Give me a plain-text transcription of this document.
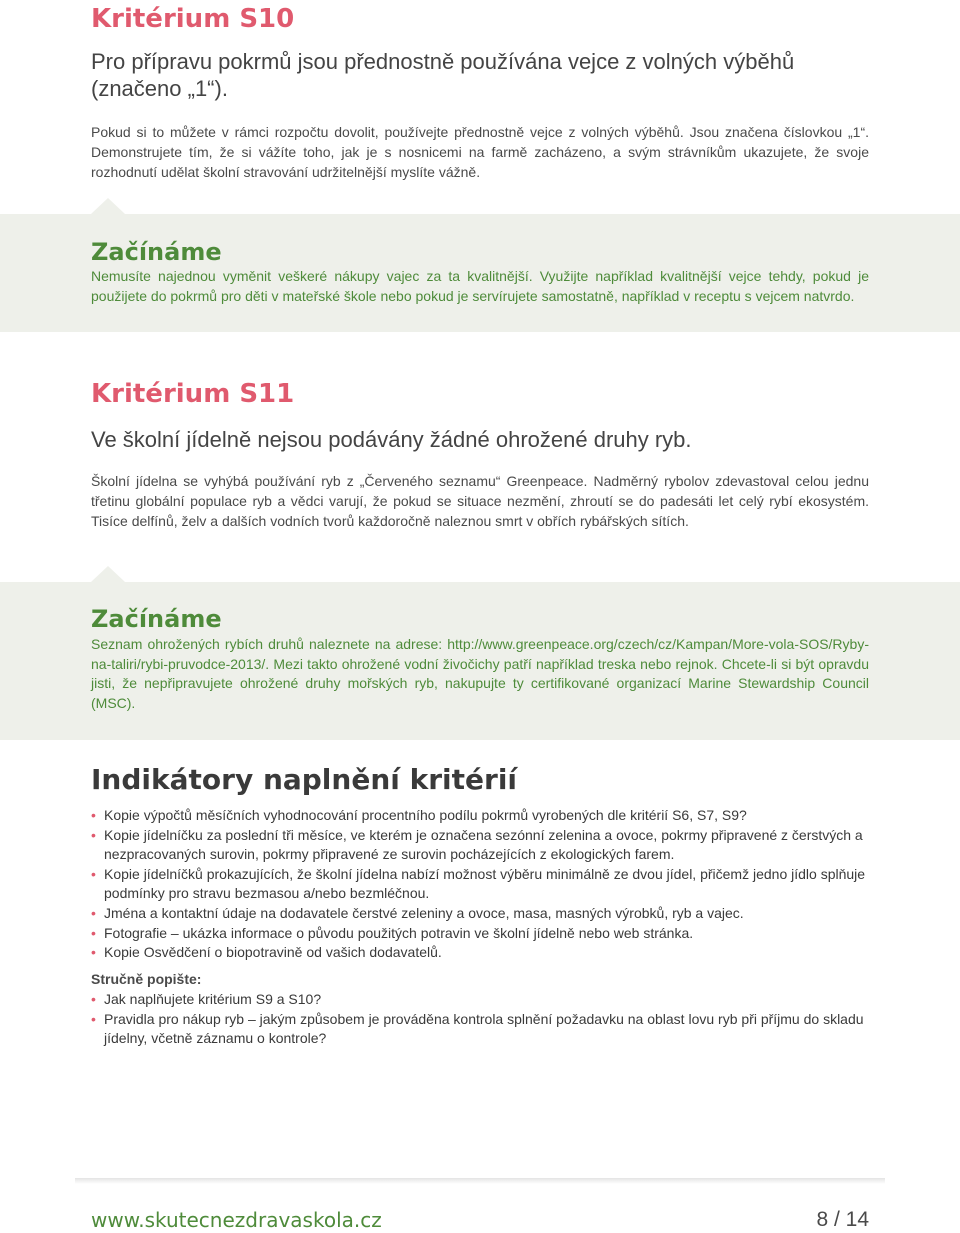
Kritérium S10

Pro přípravu pokrmů jsou přednostně používána vejce z volných výběhů (značeno „1“).

Pokud si to můžete v rámci rozpočtu dovolit, používejte přednostně vejce z volných výběhů. Jsou značena číslovkou „1“. Demonstrujete tím, že si vážíte toho, jak je s nosnicemi na farmě zacházeno, a svým strávníkům ukazujete, že svoje rozhodnutí udělat školní stravování udržitelnější myslíte vážně.

Začínáme

Nemusíte najednou vyměnit veškeré nákupy vajec za ta kvalitnější. Využijte například kvalitnější vejce tehdy, pokud je použijete do pokrmů pro děti v mateřské škole nebo pokud je servírujete samostatně, například v receptu s vejcem natvrdo.

Kritérium S11

Ve školní jídelně nejsou podávány žádné ohrožené druhy ryb.

Školní jídelna se vyhýbá používání ryb z „Červeného seznamu“ Greenpeace. Nadměrný rybolov zdevastoval celou jednu třetinu globální populace ryb a vědci varují, že pokud se situace nezmění, zhroutí se do padesáti let celý rybí ekosystém. Tisíce delfínů, želv a dalších vodních tvorů každoročně naleznou smrt v obřích rybářských sítích.

Začínáme

Seznam ohrožených rybích druhů naleznete na adrese: http://www.greenpeace.org/czech/cz/Kampan/More-vola-SOS/Ryby-na-taliri/rybi-pruvodce-2013/. Mezi takto ohrožené vodní živočichy patří například treska nebo rejnok. Chcete-li si být opravdu jisti, že nepřipravujete ohrožené druhy mořských ryb, nakupujte ty certifikované organizací Marine Stewardship Council (MSC).

Indikátory naplnění kritérií
• Kopie výpočtů měsíčních vyhodnocování procentního podílu pokrmů vyrobených dle kritérií S6, S7, S9?
• Kopie jídelníčku za poslední tři měsíce, ve kterém je označena sezónní zelenina a ovoce, pokrmy připravené z čerstvých a nezpracovaných surovin, pokrmy připravené ze surovin pocházejících z ekologických farem.
• Kopie jídelníčků prokazujících, že školní jídelna nabízí možnost výběru minimálně ze dvou jídel, přičemž jedno jídlo splňuje podmínky pro stravu bezmasou a/nebo bezmléčnou.
• Jména a kontaktní údaje na dodavatele čerstvé zeleniny a ovoce, masa, masných výrobků, ryb a vajec.
• Fotografie – ukázka informace o původu použitých potravin ve školní jídelně nebo web stránka.
• Kopie Osvědčení o biopotravině od vašich dodavatelů.

Stručně popište:

• Jak naplňujete kritérium S9 a S10?
• Pravidla pro nákup ryb – jakým způsobem je prováděna kontrola splnění požadavku na oblast lovu ryb při příjmu do skladu jídelny, včetně záznamu o kontrole?
www.skutecnezdravaskola.cz	8 / 14
